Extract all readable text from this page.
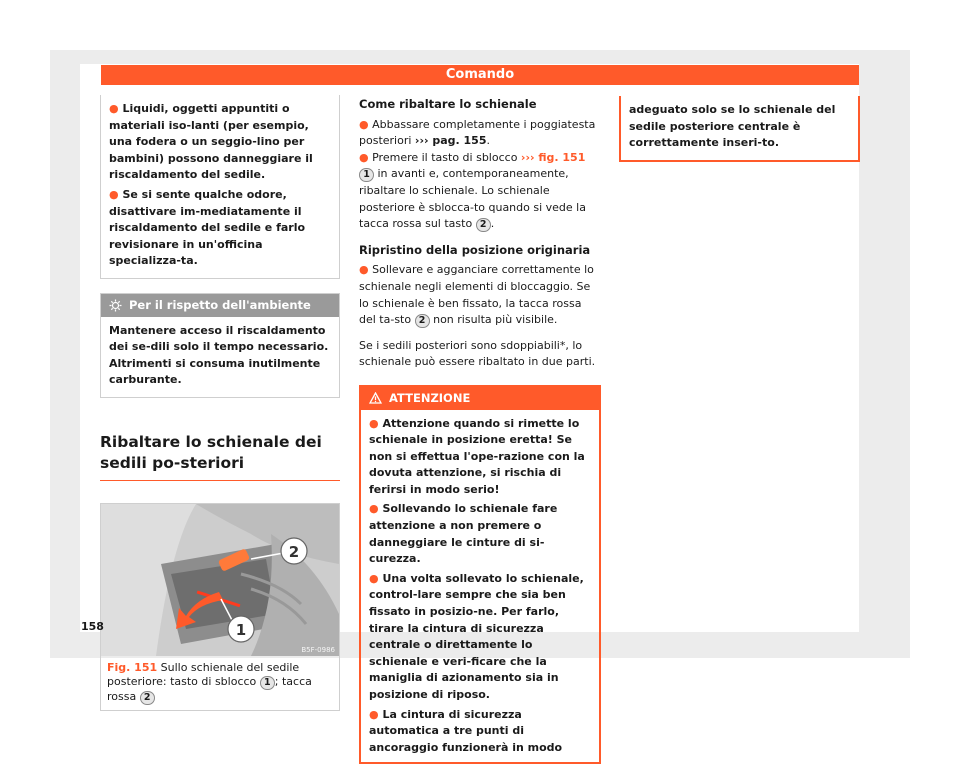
Comando

● Liquidi, oggetti appuntiti o materiali iso-lanti (per esempio, una fodera o un seggio-lino per bambini) possono danneggiare il riscaldamento del sedile.

● Se si sente qualche odore, disattivare im-mediatamente il riscaldamento del sedile e farlo revisionare in un'officina specializza-ta.

Per il rispetto dell'ambiente
Mantenere acceso il riscaldamento dei se-dili solo il tempo necessario. Altrimenti si consuma inutilmente carburante.
Ribaltare lo schienale dei sedili po-steriori
2
1
B5F-0986
Fig. 151 Sullo schienale del sedile posteriore: tasto di sblocco 1 ; tacca rossa 2
Come ribaltare lo schienale

● Abbassare completamente i poggiatesta posteriori ››› pag. 155.

● Premere il tasto di sblocco ››› fig. 151 1 in avanti e, contemporaneamente, ribaltare lo schienale. Lo schienale posteriore è sblocca-to quando si vede la tacca rossa sul tasto 2 .

Ripristino della posizione originaria

● Sollevare e agganciare correttamente lo schienale negli elementi di bloccaggio. Se lo schienale è ben fissato, la tacca rossa del ta-sto 2 non risulta più visibile.

Se i sedili posteriori sono sdoppiabili*, lo schienale può essere ribaltato in due parti.

ATTENZIONE

● Attenzione quando si rimette lo schienale in posizione eretta! Se non si effettua l'ope-razione con la dovuta attenzione, si rischia di ferirsi in modo serio!

● Sollevando lo schienale fare attenzione a non premere o danneggiare le cinture di si-curezza.

● Una volta sollevato lo schienale, control-lare sempre che sia ben fissato in posizio-ne. Per farlo, tirare la cintura di sicurezza centrale o direttamente lo schienale e veri-ficare che la maniglia di azionamento sia in posizione di riposo.

● La cintura di sicurezza automatica a tre punti di ancoraggio funzionerà in modo

adeguato solo se lo schienale del sedile posteriore centrale è correttamente inseri-to.

158
